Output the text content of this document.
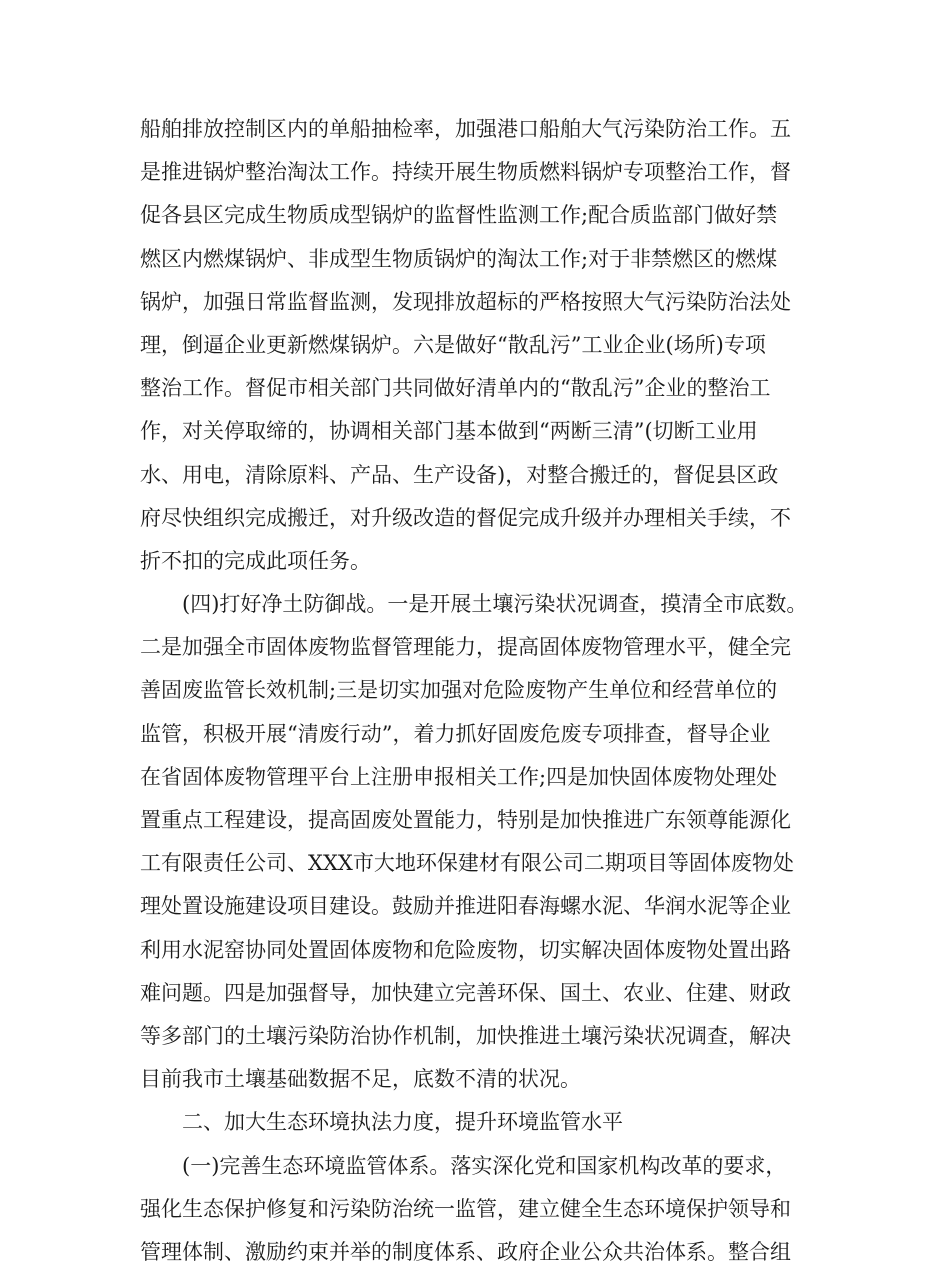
船舶排放控制区内的单船抽检率，加强港口船舶大气污染防治工作。五
是推进锅炉整治淘汰工作。持续开展生物质燃料锅炉专项整治工作，督
促各县区完成生物质成型锅炉的监督性监测工作;配合质监部门做好禁
燃区内燃煤锅炉、非成型生物质锅炉的淘汰工作;对于非禁燃区的燃煤
锅炉，加强日常监督监测，发现排放超标的严格按照大气污染防治法处
理，倒逼企业更新燃煤锅炉。六是做好“散乱污”工业企业(场所)专项
整治工作。督促市相关部门共同做好清单内的“散乱污”企业的整治工
作，对关停取缔的，协调相关部门基本做到“两断三清”(切断工业用
水、用电，清除原料、产品、生产设备)，对整合搬迁的，督促县区政
府尽快组织完成搬迁，对升级改造的督促完成升级并办理相关手续，不
折不扣的完成此项任务。
(四)打好净土防御战。一是开展土壤污染状况调查，摸清全市底数。
二是加强全市固体废物监督管理能力，提高固体废物管理水平，健全完
善固废监管长效机制;三是切实加强对危险废物产生单位和经营单位的
监管，积极开展“清废行动”，着力抓好固废危废专项排查，督导企业
在省固体废物管理平台上注册申报相关工作;四是加快固体废物处理处
置重点工程建设，提高固废处置能力，特别是加快推进广东领尊能源化
工有限责任公司、XXX市大地环保建材有限公司二期项目等固体废物处
理处置设施建设项目建设。鼓励并推进阳春海螺水泥、华润水泥等企业
利用水泥窑协同处置固体废物和危险废物，切实解决固体废物处置出路
难问题。四是加强督导，加快建立完善环保、国土、农业、住建、财政
等多部门的土壤污染防治协作机制，加快推进土壤污染状况调查，解决
目前我市土壤基础数据不足，底数不清的状况。
二、加大生态环境执法力度，提升环境监管水平
(一)完善生态环境监管体系。落实深化党和国家机构改革的要求，
强化生态保护修复和污染防治统一监管，建立健全生态环境保护领导和
管理体制、激励约束并举的制度体系、政府企业公众共治体系。整合组
